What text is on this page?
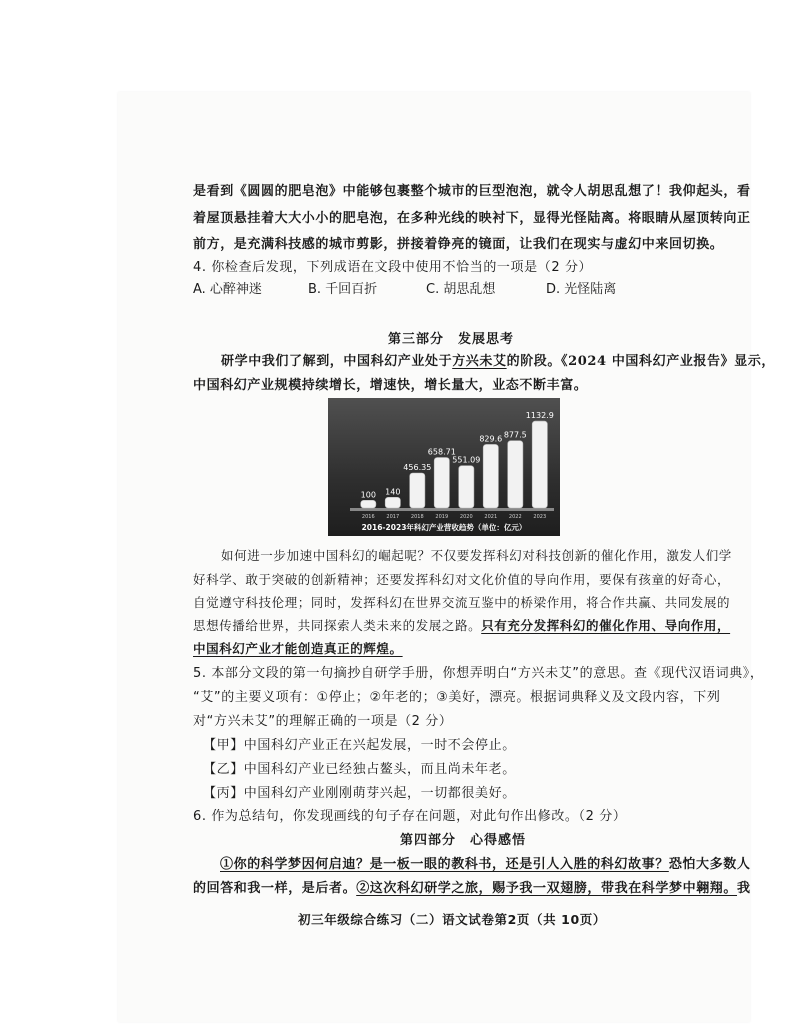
是看到《圆圆的肥皂泡》中能够包裹整个城市的巨型泡泡，就令人胡思乱想了！我仰起头，看
着屋顶悬挂着大大小小的肥皂泡，在多种光线的映衬下，显得光怪陆离。将眼睛从屋顶转向正
前方，是充满科技感的城市剪影，拼接着铮亮的镜面，让我们在现实与虚幻中来回切换。
4. 你检查后发现，下列成语在文段中使用不恰当的一项是（2 分）
A. 心醉神迷	B. 千回百折	C. 胡思乱想	D. 光怪陆离
第三部分　发展思考
研学中我们了解到，中国科幻产业处于方兴未艾的阶段。《2024 中国科幻产业报告》显示，
中国科幻产业规模持续增长，增速快，增长量大，业态不断丰富。
100
2016
140
2017
456.35
2018
658.71
2019
551.09
2020
829.6
2021
877.5
2022
1132.9
2023
2016-2023年科幻产业营收趋势（单位：亿元）
如何进一步加速中国科幻的崛起呢？不仅要发挥科幻对科技创新的催化作用，激发人们学
好科学、敢于突破的创新精神；还要发挥科幻对文化价值的导向作用，要保有孩童的好奇心，
自觉遵守科技伦理；同时，发挥科幻在世界交流互鉴中的桥梁作用，将合作共赢、共同发展的
思想传播给世界，共同探索人类未来的发展之路。只有充分发挥科幻的催化作用、导向作用，
中国科幻产业才能创造真正的辉煌。
5. 本部分文段的第一句摘抄自研学手册，你想弄明白“方兴未艾”的意思。查《现代汉语词典》，
“艾”的主要义项有：①停止；②年老的；③美好，漂亮。根据词典释义及文段内容，下列
对“方兴未艾”的理解正确的一项是（2 分）
【甲】中国科幻产业正在兴起发展，一时不会停止。
【乙】中国科幻产业已经独占鳌头，而且尚未年老。
【丙】中国科幻产业刚刚萌芽兴起，一切都很美好。
6. 作为总结句，你发现画线的句子存在问题，对此句作出修改。（2 分）
第四部分　心得感悟
①你的科学梦因何启迪？是一板一眼的教科书，还是引人入胜的科幻故事？恐怕大多数人
的回答和我一样，是后者。②这次科幻研学之旅，赐予我一双翅膀，带我在科学梦中翱翔。我
初三年级综合练习（二）语文试卷第2页（共 10页）
